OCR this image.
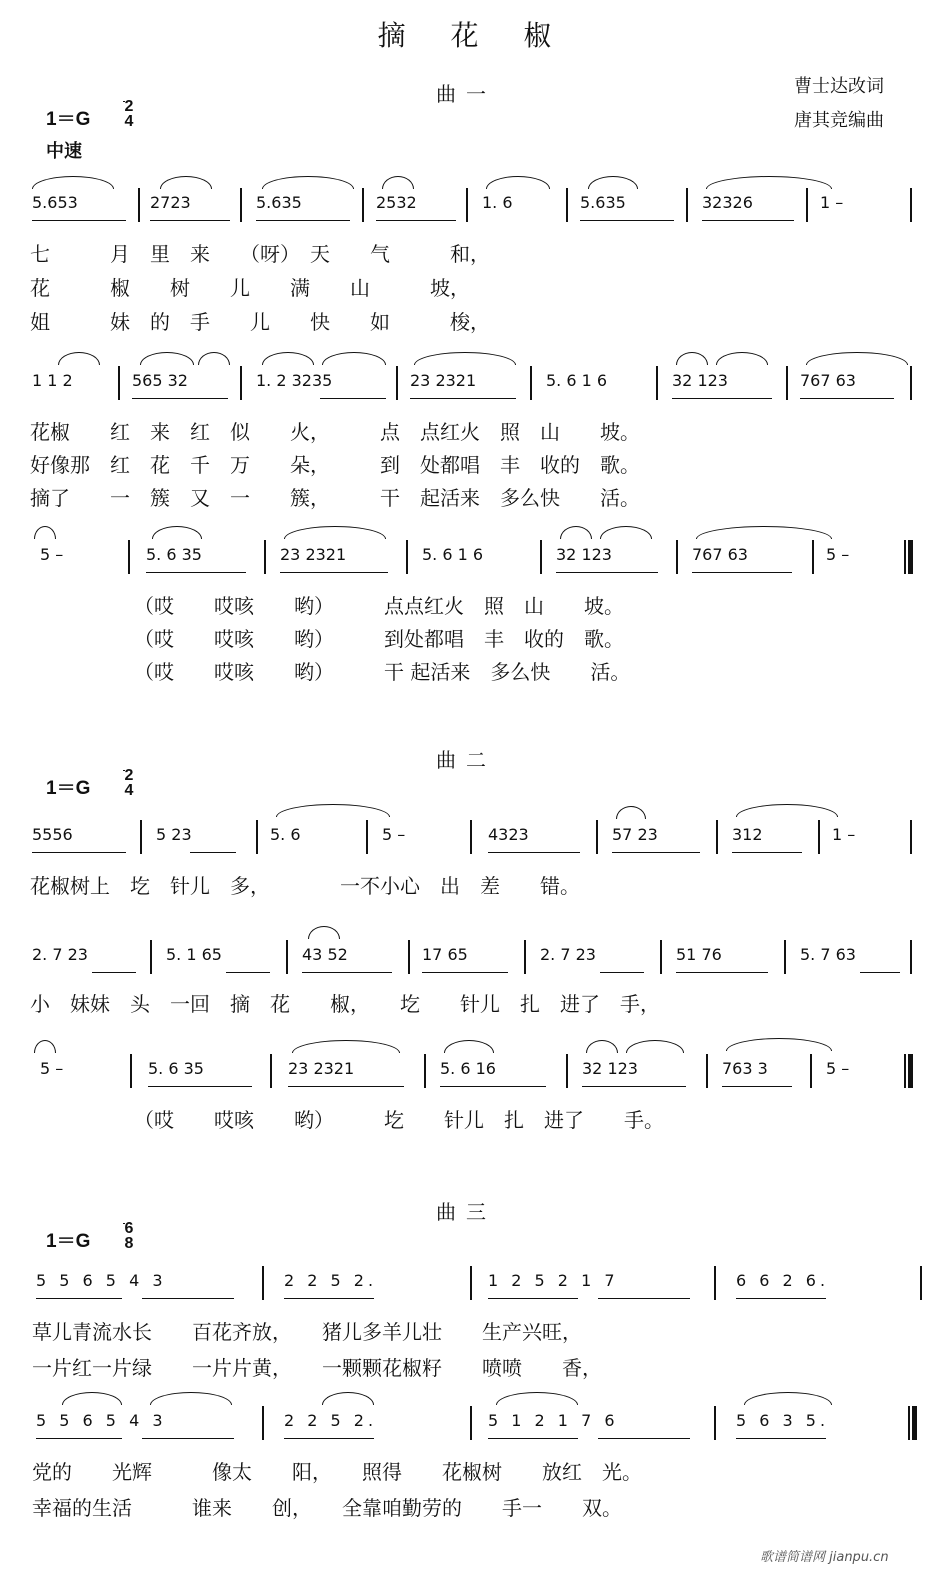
摘 花 椒
曹士达改词
唐其竞编曲
曲一
1＝G
2
4
中速
5.653	2723	5.635	2532	1. 6	5.635	32326	1 –
七　　　月　里　来　　（呀）　天　　气　　　和，
花　　　椒　　树　　儿　　满　　山　　　坡，
姐　　　妹　的　手　　儿　　快　　如　　　梭，
1 1 2	565 32	1. 2 3235	23 2321	5. 6 1 6	32 123	767 63
花椒　　红　来　红　似　　火，　　　点　点红火　照　山　　坡。
好像那　红　花　千　万　　朵，　　　到　处都唱　丰　收的　歌。
摘了　　一　簇　又　一　　簇，　　　干　起活来　多么快　　活。
5 –	5. 6 35	23 2321	5. 6 1 6	32 123	767 63	5 –
（哎　　哎咳　　哟）　　　点点红火　照　山　　坡。
（哎　　哎咳　　哟）　　　到处都唱　丰　收的　歌。
（哎　　哎咳　　哟）　　　干 起活来　多么快　　活。
曲二
1＝G
2
4
5556	5 23	5. 6	5 –	4323	57 23	312	1 –
花椒树上　圪　针儿　多，　　　　一不小心　出　差　　错。
2. 7 23	5. 1 65	43 52	17 65	2. 7 23	51 76	5. 7 63
小　妹妹　头　一回　摘　花　　椒，　　圪　　针儿　扎　进了　手，
5 –	5. 6 35	23 2321	5. 6 16	32 123	763 3	5 –
（哎　　哎咳　　哟）　　　圪　　针儿　扎　进了　　手。
曲三
1＝G
6
8
5 5 6 5 4 3	2 2 5 2.	1 2 5 2 1 7	6 6 2 6.
草儿青流水长　　百花齐放，　　猪儿多羊儿壮　　生产兴旺，
一片红一片绿　　一片片黄，　　一颗颗花椒籽　　喷喷　　香，
5 5 6 5 4 3	2 2 5 2.	5 1 2 1 7 6	5 6 3 5.
党的　　光辉　　　像太　　阳，　　照得　　花椒树　　放红　光。
幸福的生活　　　谁来　　创，　　全靠咱勤劳的　　手一　　双。
歌谱简谱网 jianpu.cn
